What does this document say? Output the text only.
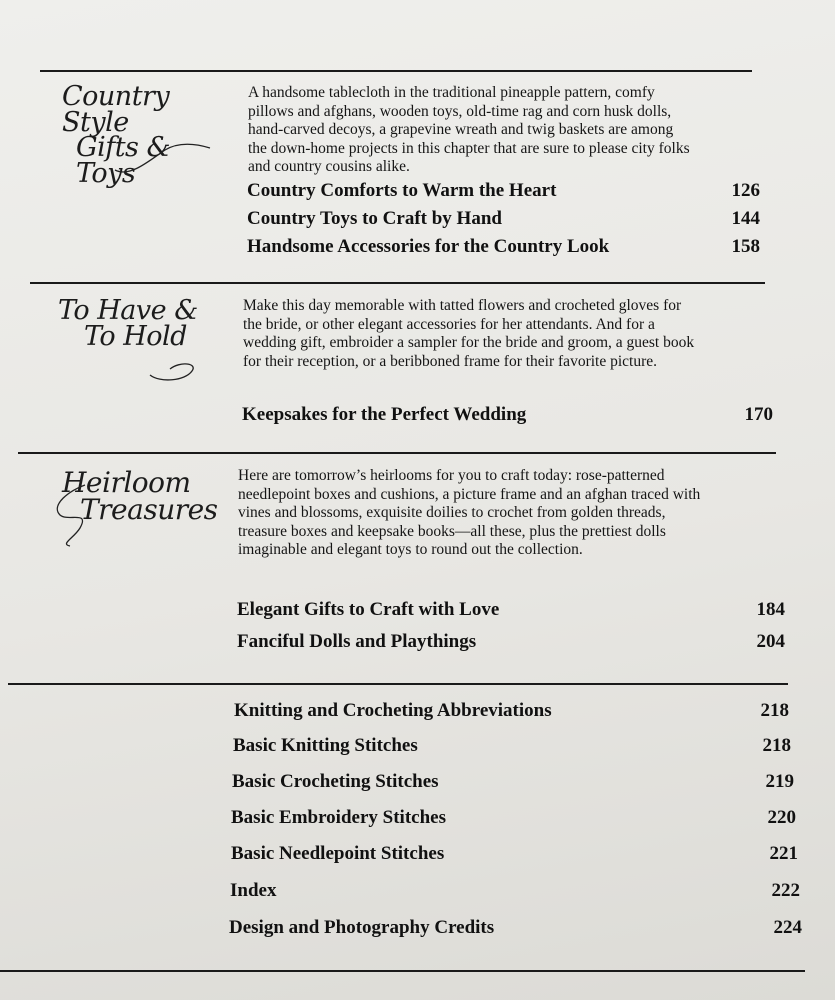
Country Style
Gifts & Toys
A handsome tablecloth in the traditional pineapple pattern, comfy pillows and afghans, wooden toys, old-time rag and corn husk dolls, hand-carved decoys, a grapevine wreath and twig baskets are among the down-home projects in this chapter that are sure to please city folks and country cousins alike.
Country Comforts to Warm the Heart	126
Country Toys to Craft by Hand	144
Handsome Accessories for the Country Look	158
To Have &
To Hold
Make this day memorable with tatted flowers and crocheted gloves for the bride, or other elegant accessories for her attendants. And for a wedding gift, embroider a sampler for the bride and groom, a guest book for their reception, or a beribboned frame for their favorite picture.
Keepsakes for the Perfect Wedding	170
Heirloom
Treasures
Here are tomorrow’s heirlooms for you to craft today: rose-patterned needlepoint boxes and cushions, a picture frame and an afghan traced with vines and blossoms, exquisite doilies to crochet from golden threads, treasure boxes and keepsake books—all these, plus the prettiest dolls imaginable and elegant toys to round out the collection.
Elegant Gifts to Craft with Love	184
Fanciful Dolls and Playthings	204
Knitting and Crocheting Abbreviations	218
Basic Knitting Stitches	218
Basic Crocheting Stitches	219
Basic Embroidery Stitches	220
Basic Needlepoint Stitches	221
Index	222
Design and Photography Credits	224
